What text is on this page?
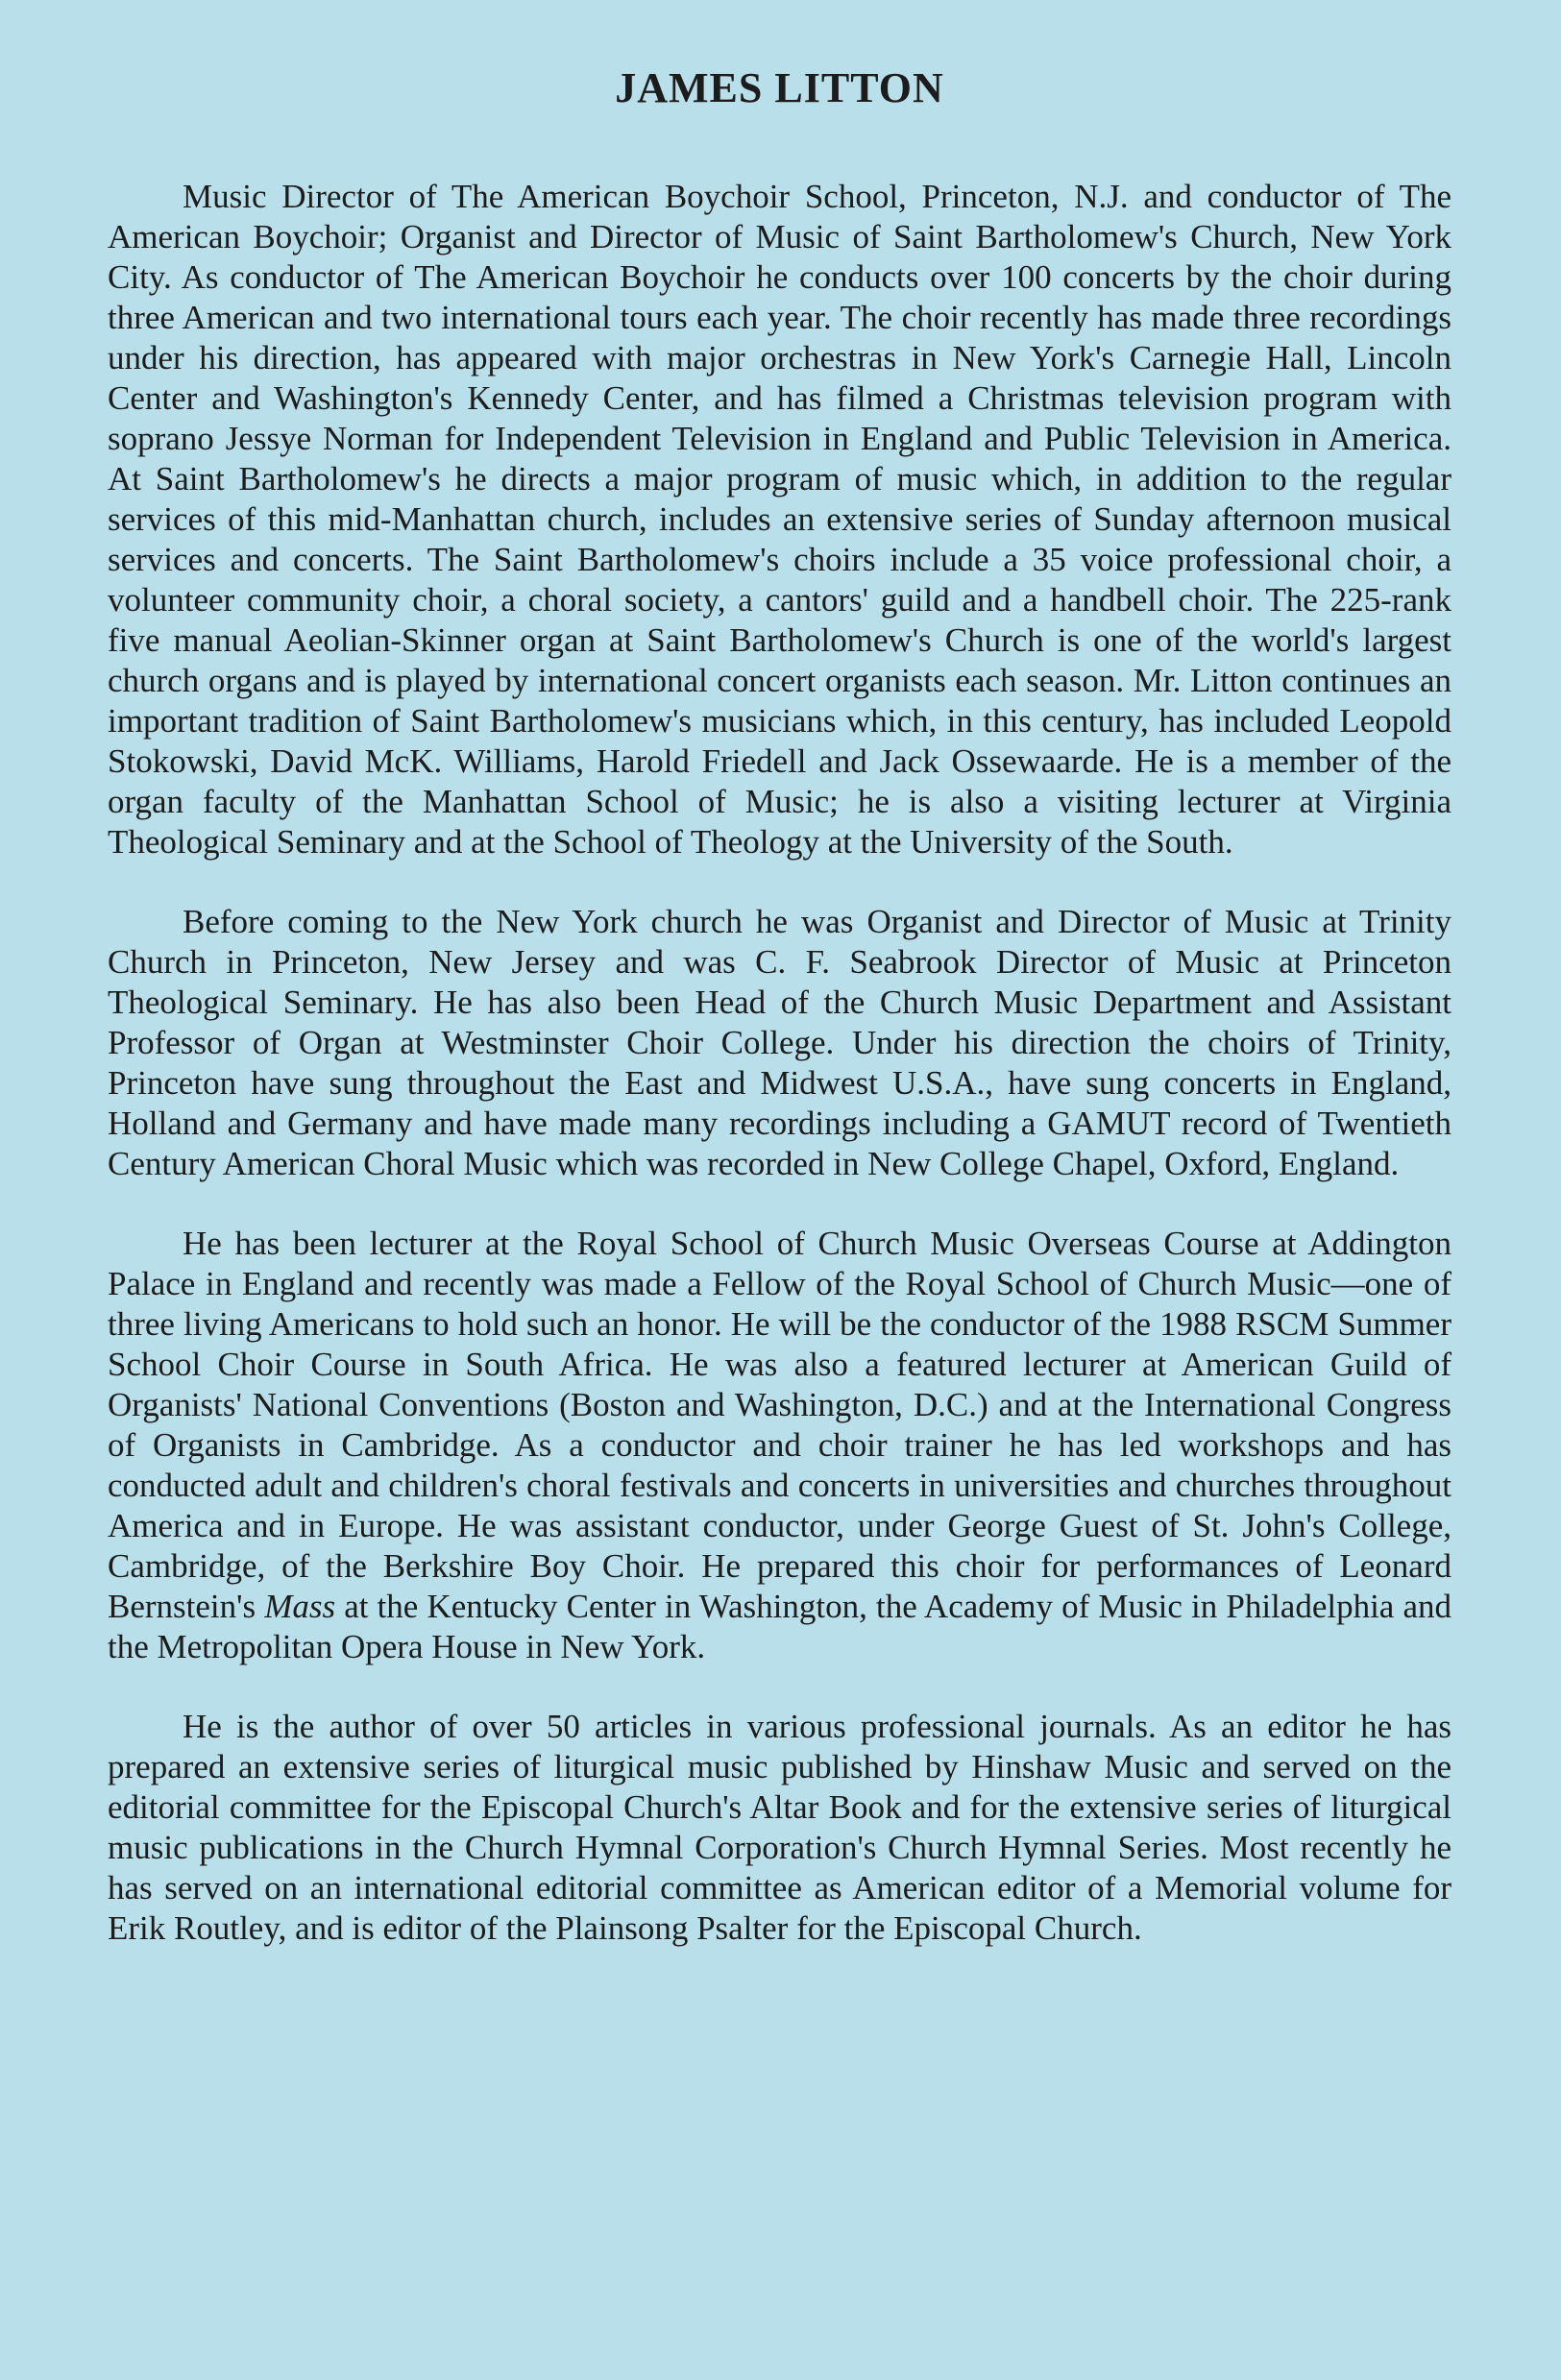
JAMES LITTON

Music Director of The American Boychoir School, Princeton, N.J. and conductor of The American Boychoir; Organist and Director of Music of Saint Bartholomew's Church, New York City. As conductor of The American Boychoir he conducts over 100 concerts by the choir during three American and two international tours each year. The choir recently has made three recordings under his direction, has appeared with major orchestras in New York's Carnegie Hall, Lincoln Center and Washington's Kennedy Center, and has filmed a Christmas television program with soprano Jessye Norman for Independent Television in England and Public Television in America. At Saint Bartholomew's he directs a major program of music which, in addition to the regular services of this mid-Manhattan church, includes an extensive series of Sunday afternoon musical services and concerts. The Saint Bartholomew's choirs include a 35 voice professional choir, a volunteer community choir, a choral society, a cantors' guild and a handbell choir. The 225-rank five manual Aeolian-Skinner organ at Saint Bartholomew's Church is one of the world's largest church organs and is played by international concert organists each season. Mr. Litton continues an important tradition of Saint Bartholomew's musicians which, in this century, has included Leopold Stokowski, David McK. Williams, Harold Friedell and Jack Ossewaarde. He is a member of the organ faculty of the Manhattan School of Music; he is also a visiting lecturer at Virginia Theological Seminary and at the School of Theology at the University of the South.

Before coming to the New York church he was Organist and Director of Music at Trinity Church in Princeton, New Jersey and was C. F. Seabrook Director of Music at Princeton Theological Seminary. He has also been Head of the Church Music Department and Assistant Professor of Organ at Westminster Choir College. Under his direction the choirs of Trinity, Princeton have sung throughout the East and Midwest U.S.A., have sung concerts in England, Holland and Germany and have made many recordings including a GAMUT record of Twentieth Century American Choral Music which was recorded in New College Chapel, Oxford, England.

He has been lecturer at the Royal School of Church Music Overseas Course at Addington Palace in England and recently was made a Fellow of the Royal School of Church Music—one of three living Americans to hold such an honor. He will be the conductor of the 1988 RSCM Summer School Choir Course in South Africa. He was also a featured lecturer at American Guild of Organists' National Conventions (Boston and Washington, D.C.) and at the International Congress of Organists in Cambridge. As a conductor and choir trainer he has led workshops and has conducted adult and children's choral festivals and concerts in universities and churches throughout America and in Europe. He was assistant conductor, under George Guest of St. John's College, Cambridge, of the Berkshire Boy Choir. He prepared this choir for performances of Leonard Bernstein's Mass at the Kentucky Center in Washington, the Academy of Music in Philadelphia and the Metropolitan Opera House in New York.

He is the author of over 50 articles in various professional journals. As an editor he has prepared an extensive series of liturgical music published by Hinshaw Music and served on the editorial committee for the Episcopal Church's Altar Book and for the extensive series of liturgical music publications in the Church Hymnal Corporation's Church Hymnal Series. Most recently he has served on an international editorial committee as American editor of a Memorial volume for Erik Routley, and is editor of the Plainsong Psalter for the Episcopal Church.
